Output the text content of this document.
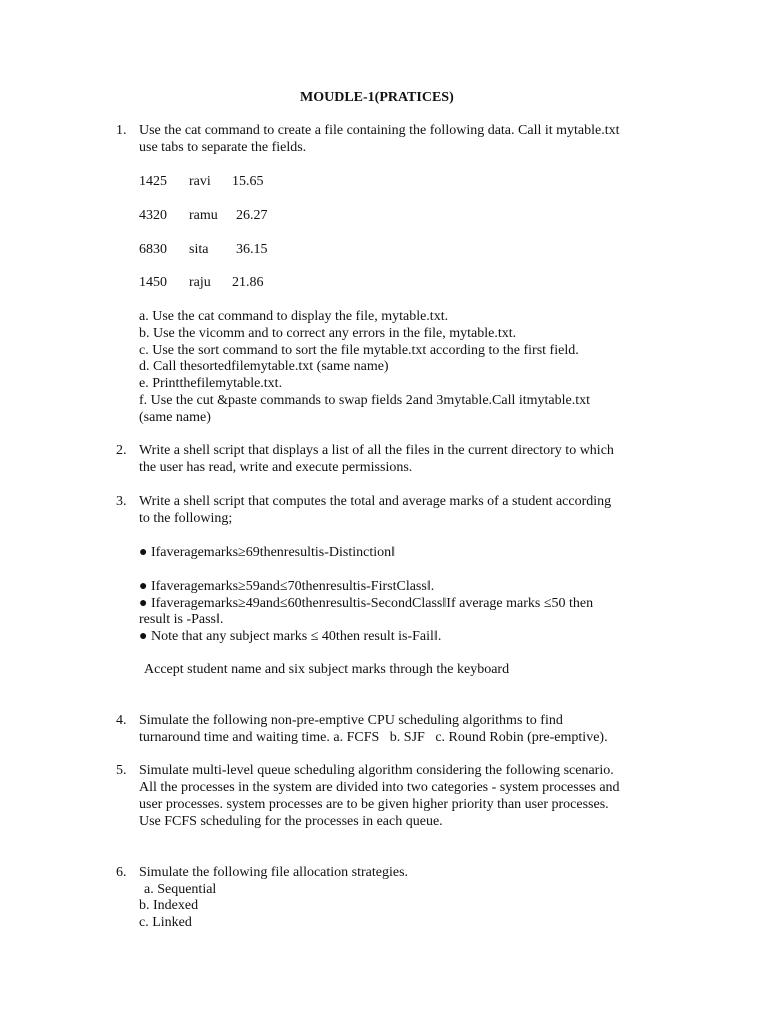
MOUDLE-1(PRATICES)
1. Use the cat command to create a file containing the following data. Call it mytable.txt
use tabs to separate the fields.
1425 ravi 15.65
4320 ramu 26.27
6830 sita 36.15
1450 raju 21.86
a. Use the cat command to display the file, mytable.txt.
b. Use the vicomm and to correct any errors in the file, mytable.txt.
c. Use the sort command to sort the file mytable.txt according to the first field.
d. Call thesortedfilemytable.txt (same name)
e. Printthefilemytable.txt.
f. Use the cut &paste commands to swap fields 2and 3mytable.Call itmytable.txt
(same name)
2. Write a shell script that displays a list of all the files in the current directory to which
the user has read, write and execute permissions.
3. Write a shell script that computes the total and average marks of a student according
to the following;
● Ifaveragemarks≥69thenresultis-Distinction‖
● Ifaveragemarks≥59and≤70thenresultis-FirstClass‖.
● Ifaveragemarks≥49and≤60thenresultis-SecondClass‖If average marks ≤50 then
result is -Pass‖.
● Note that any subject marks ≤ 40then result is-Fail‖.
Accept student name and six subject marks through the keyboard
4. Simulate the following non-pre-emptive CPU scheduling algorithms to find
turnaround time and waiting time. a. FCFS   b. SJF   c. Round Robin (pre-emptive).
5. Simulate multi-level queue scheduling algorithm considering the following scenario.
All the processes in the system are divided into two categories - system processes and
user processes. system processes are to be given higher priority than user processes.
Use FCFS scheduling for the processes in each queue.
6. Simulate the following file allocation strategies.
a. Sequential
b. Indexed
c. Linked
